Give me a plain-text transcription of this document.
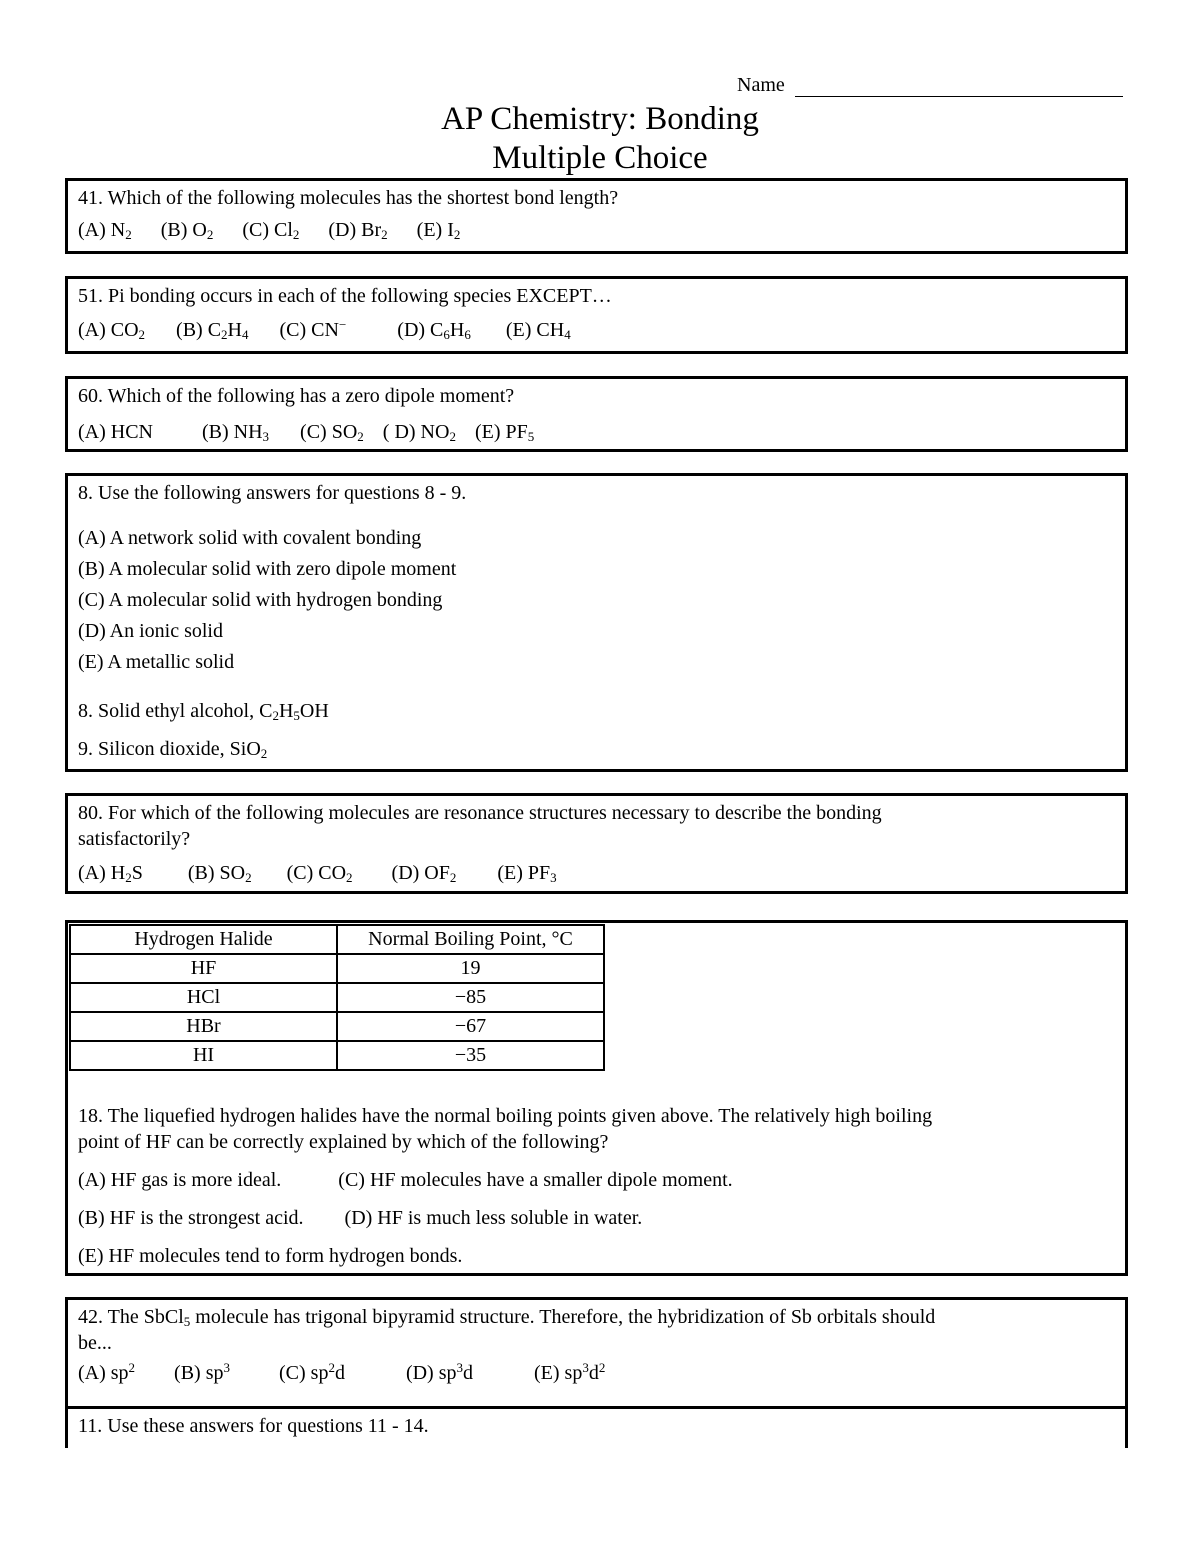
Name
AP Chemistry: Bonding
Multiple Choice
41. Which of the following molecules has the shortest bond length?
(A) $N_2$ (B) $O_2$ (C) $Cl_2$ (D) $Br_2$ (E) $I_2$
51. Pi bonding occurs in each of the following species EXCEPT…
(A) $CO_2$ (B) $C_2H_4$ (C) CN−	(D) $C_6H_6$ (E) $CH_4$
60. Which of the following has a zero dipole moment?
(A) HCN (B) $NH_3$ (C) $SO_2$ ( D) $NO_2$ (E) $PF_5$
8. Use the following answers for questions 8 - 9.
(A) A network solid with covalent bonding
(B) A molecular solid with zero dipole moment
(C) A molecular solid with hydrogen bonding
(D) An ionic solid
(E) A metallic solid
8. Solid ethyl alcohol, $C_2H_5OH$
9. Silicon dioxide, SiO$_2$
80. For which of the following molecules are resonance structures necessary to describe the bonding
satisfactorily?
(A) $H_2S$ (B) $SO_2$ (C) $CO_2$ (D) $OF_2$ (E) $PF_3$
Hydrogen Halide	Normal Boiling Point, °C
HF	19
HCl	−85
HBr	−67
HI	−35
18. The liquefied hydrogen halides have the normal boiling points given above. The relatively high boiling
point of HF can be correctly explained by which of the following?
(A) HF gas is more ideal.	(C) HF molecules have a smaller dipole moment.
(B) HF is the strongest acid. (D) HF is much less soluble in water.
(E) HF molecules tend to form hydrogen bonds.
42. The SbCl$_5$ molecule has trigonal bipyramid structure. Therefore, the hybridization of Sb orbitals should
be...
(A) $sp^2$ (B) $sp^3$ (C) $sp^2d$	(D) $sp^3d$	(E) $sp^3d^2$
11. Use these answers for questions 11 - 14.
